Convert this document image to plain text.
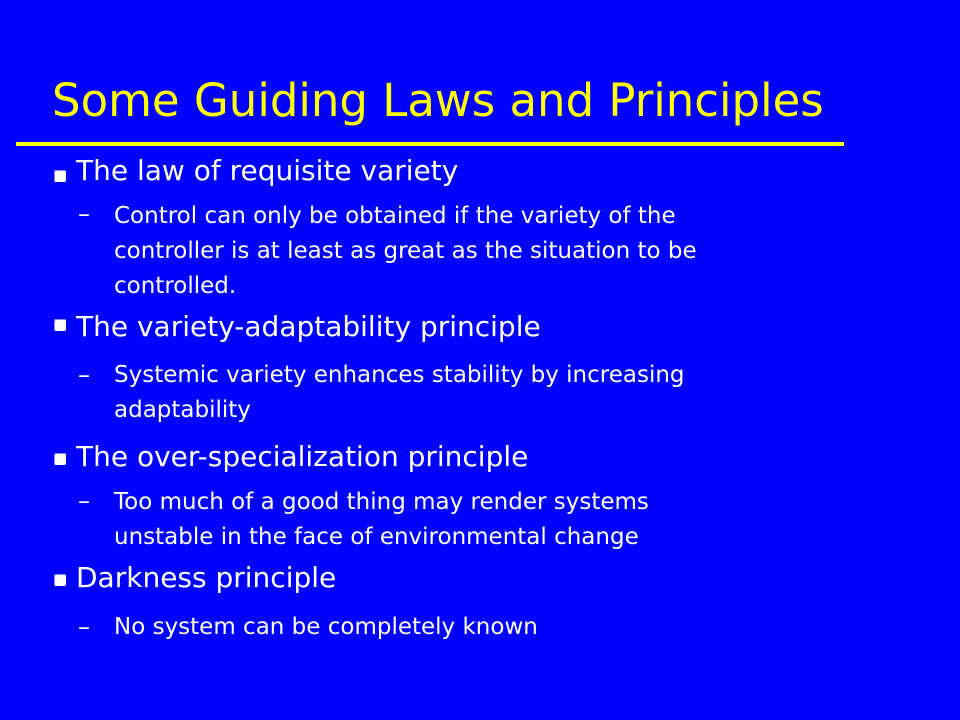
Some Guiding Laws and Principles
The law of requisite variety
– Control can only be obtained if the variety of the
controller is at least as great as the situation to be
controlled.
The variety-adaptability principle
– Systemic variety enhances stability by increasing
adaptability
The over-specialization principle
– Too much of a good thing may render systems
unstable in the face of environmental change
Darkness principle
– No system can be completely known
